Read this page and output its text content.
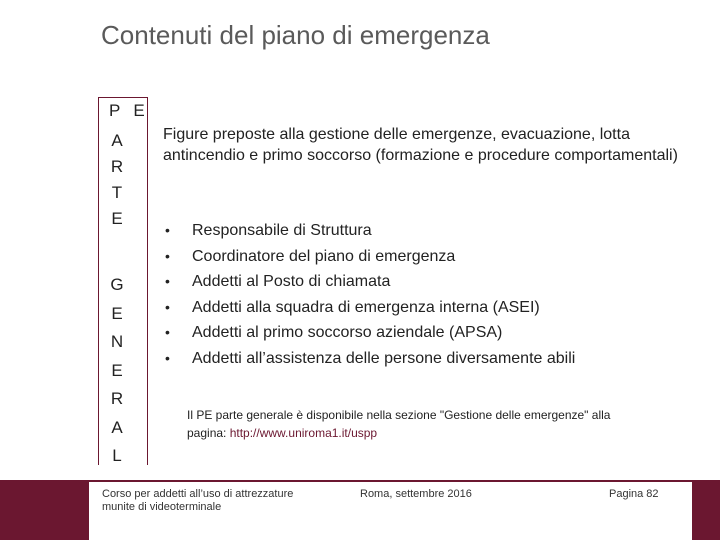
Contenuti del piano di emergenza
P E
A
R
T
E
G
E
N
E
R
A
L
Figure preposte alla gestione delle emergenze, evacuazione, lotta antincendio e primo soccorso (formazione e procedure comportamentali)
• Responsabile di Struttura
• Coordinatore del piano di emergenza
• Addetti al Posto di chiamata
• Addetti alla squadra di emergenza interna (ASEI)
• Addetti al primo soccorso aziendale (APSA)
• Addetti all’assistenza delle persone diversamente abili
Il PE parte generale è disponibile nella sezione "Gestione delle emergenze" alla pagina: http://www.uniroma1.it/uspp
Corso per addetti all’uso di attrezzature
munite di videoterminale
Roma, settembre 2016	Pagina 82
